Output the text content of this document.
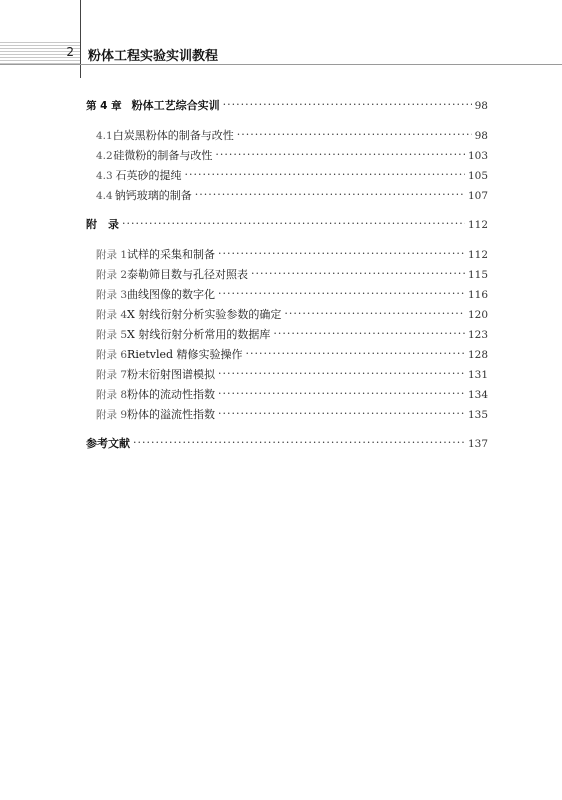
2 粉体工程实验实训教程
第 4 章 粉体工艺综合实训 ·····	98
4.1 白炭黑粉体的制备与改性 ·····	98
4.2 硅微粉的制备与改性 ·····	103
4.3 石英砂的提纯 ·····	105
4.4 钠钙玻璃的制备 ·····	107
附　录 ·····	112
附录 1 试样的采集和制备 ·····	112
附录 2 泰勒筛目数与孔径对照表 ·····	115
附录 3 曲线图像的数字化 ·····	116
附录 4 X 射线衍射分析实验参数的确定 ·····	120
附录 5 X 射线衍射分析常用的数据库 ·····	123
附录 6 Rietvled 精修实验操作 ·····	128
附录 7 粉末衍射图谱模拟 ·····	131
附录 8 粉体的流动性指数 ·····	134
附录 9 粉体的溢流性指数 ·····	135
参考文献 ·····	137
